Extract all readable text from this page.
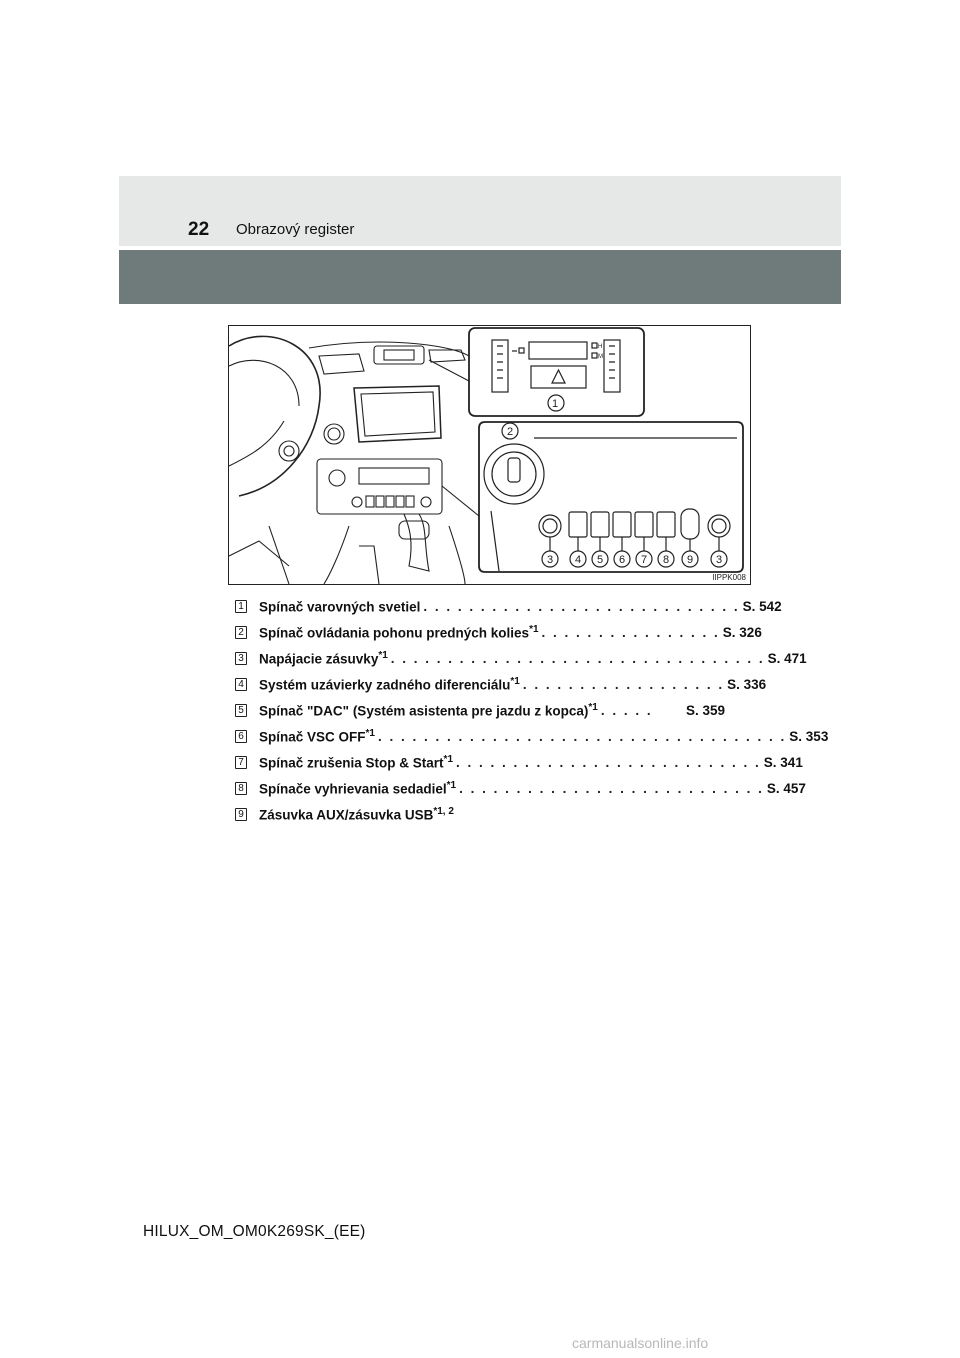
22 Obrazový register
H
M
1
2
3 4 5 6 7 8 9 3
IIPPK008
1 Spínač varovných svetiel . . . . . . . . . . . . . . . . . . . . . . . . . . . . S. 542
2 Spínač ovládania pohonu predných kolies$^{*1}$ . . . . . . . . . . . . . . . . S. 326
3 Napájacie zásuvky$^{*1}$ . . . . . . . . . . . . . . . . . . . . . . . . . . . . . . . . . S. 471
4 Systém uzávierky zadného diferenciálu$^{*1}$ . . . . . . . . . . . . . . . . . . S. 336
5 Spínač "DAC" (Systém asistenta pre jazdu z kopca)$^{*1}$ . . . . .	S. 359
6 Spínač VSC OFF$^{*1}$ . . . . . . . . . . . . . . . . . . . . . . . . . . . . . . . . . . . . S. 353
7 Spínač zrušenia Stop & Start$^{*1}$ . . . . . . . . . . . . . . . . . . . . . . . . . . . S. 341
8 Spínače vyhrievania sedadiel$^{*1}$ . . . . . . . . . . . . . . . . . . . . . . . . . . . S. 457
9 Zásuvka AUX/zásuvka USB$^{*1, 2}$
HILUX_OM_OM0K269SK_(EE)
carmanualsonline.info
